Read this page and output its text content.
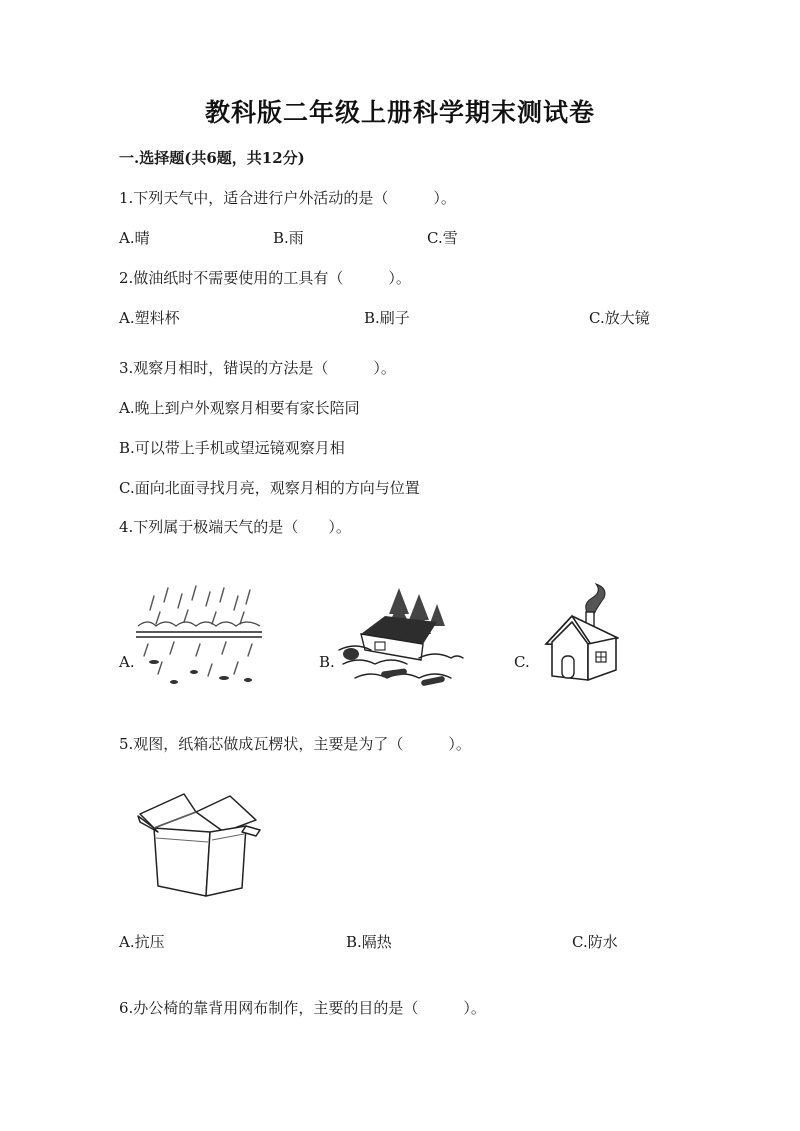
教科版二年级上册科学期末测试卷
一.选择题(共6题，共12分)
1.下列天气中，适合进行户外活动的是（　　　）。
A.晴	B.雨	C.雪
2.做油纸时不需要使用的工具有（　　　）。
A.塑料杯	B.刷子	C.放大镜
3.观察月相时，错误的方法是（　　　）。
A.晚上到户外观察月相要有家长陪同
B.可以带上手机或望远镜观察月相
C.面向北面寻找月亮，观察月相的方向与位置
4.下列属于极端天气的是（　　）。
A.	B.	C.
5.观图，纸箱芯做成瓦楞状，主要是为了（　　　）。
A.抗压	B.隔热	C.防水
6.办公椅的靠背用网布制作，主要的目的是（　　　）。
